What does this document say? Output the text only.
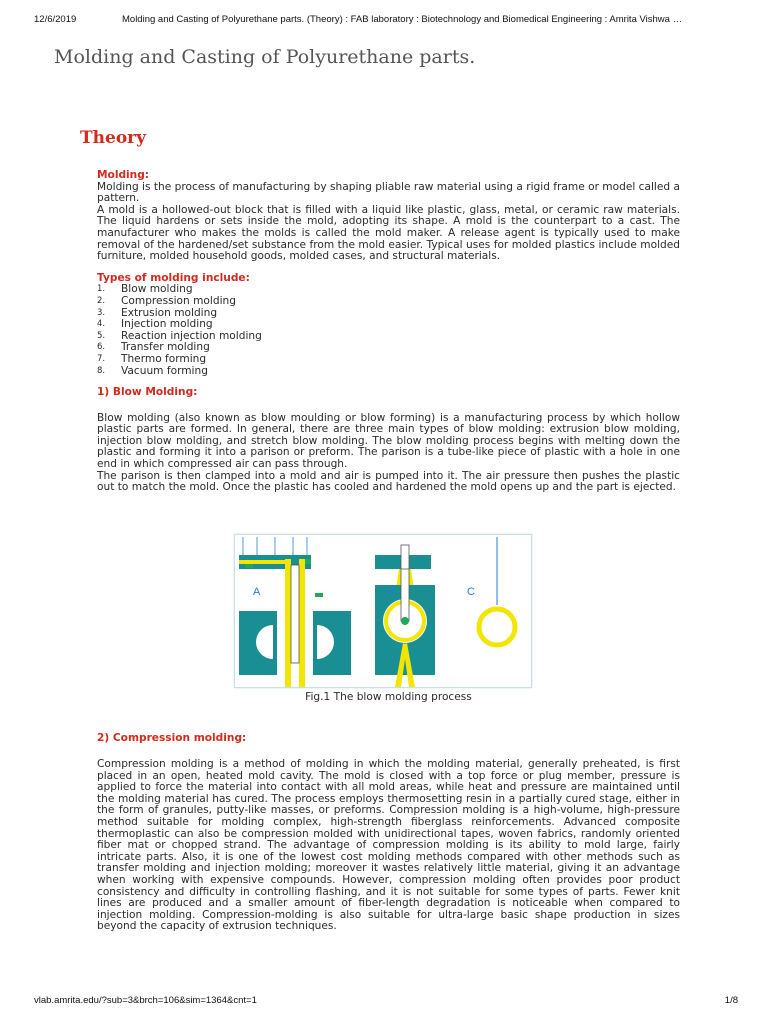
12/6/2019	Molding and Casting of Polyurethane parts. (Theory) : FAB laboratory : Biotechnology and Biomedical Engineering : Amrita Vishwa …
Molding and Casting of Polyurethane parts.
Theory
Molding:

Molding is the process of manufacturing by shaping pliable raw material using a rigid frame or model called a pattern.

A mold is a hollowed-out block that is filled with a liquid like plastic, glass, metal, or ceramic raw materials. The liquid hardens or sets inside the mold, adopting its shape. A mold is the counterpart to a cast. The manufacturer who makes the molds is called the mold maker. A release agent is typically used to make removal of the hardened/set substance from the mold easier. Typical uses for molded plastics include molded furniture, molded household goods, molded cases, and structural materials.

Types of molding include:
1.	Blow molding
2.	Compression molding
3.	Extrusion molding
4.	Injection molding
5.	Reaction injection molding
6.	Transfer molding
7.	Thermo forming
8.	Vacuum forming
1) Blow Molding:

Blow molding (also known as blow moulding or blow forming) is a manufacturing process by which hollow plastic parts are formed. In general, there are three main types of blow molding: extrusion blow molding, injection blow molding, and stretch blow molding. The blow molding process begins with melting down the plastic and forming it into a parison or preform. The parison is a tube-like piece of plastic with a hole in one end in which compressed air can pass through.

The parison is then clamped into a mold and air is pumped into it. The air pressure then pushes the plastic out to match the mold. Once the plastic has cooled and hardened the mold opens up and the part is ejected.

A	B	C
Fig.1 The blow molding process
2) Compression molding:

Compression molding is a method of molding in which the molding material, generally preheated, is first placed in an open, heated mold cavity. The mold is closed with a top force or plug member, pressure is applied to force the material into contact with all mold areas, while heat and pressure are maintained until the molding material has cured. The process employs thermosetting resin in a partially cured stage, either in the form of granules, putty-like masses, or preforms. Compression molding is a high-volume, high-pressure method suitable for molding complex, high-strength fiberglass reinforcements. Advanced composite thermoplastic can also be compression molded with unidirectional tapes, woven fabrics, randomly oriented fiber mat or chopped strand. The advantage of compression molding is its ability to mold large, fairly intricate parts. Also, it is one of the lowest cost molding methods compared with other methods such as transfer molding and injection molding; moreover it wastes relatively little material, giving it an advantage when working with expensive compounds. However, compression molding often provides poor product consistency and difficulty in controlling flashing, and it is not suitable for some types of parts. Fewer knit lines are produced and a smaller amount of fiber-length degradation is noticeable when compared to injection molding. Compression-molding is also suitable for ultra-large basic shape production in sizes beyond the capacity of extrusion techniques.

vlab.amrita.edu/?sub=3&brch=106&sim=1364&cnt=1	1/8
